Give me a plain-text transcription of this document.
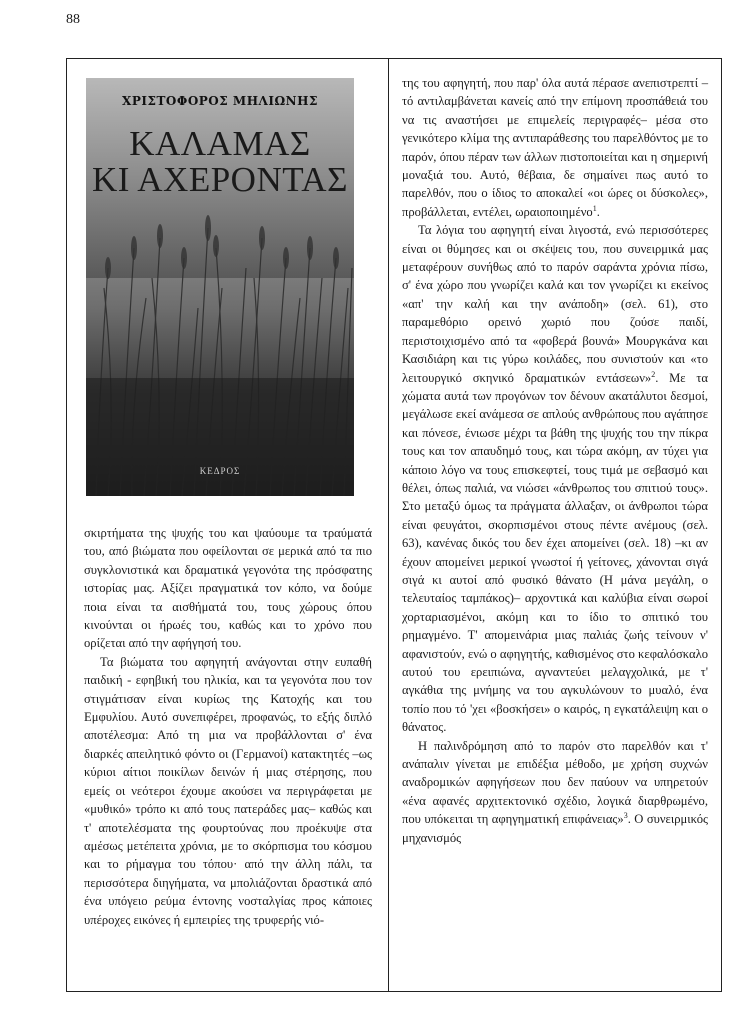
88
ΧΡΙΣΤΟΦΟΡΟΣ ΜΗΛΙΩΝΗΣ
ΚΑΛΑΜΑΣ
ΚΙ ΑΧΕΡΟΝΤΑΣ
ΚΕΔΡΟΣ

σκιρτήματα της ψυχής του και ψαύουμε τα τραύματά του, από βιώματα που οφείλονται σε μερικά από τα πιο συγκλονιστικά και δραματικά γεγονότα της πρόσφατης ιστορίας μας. Αξίζει πραγματικά τον κόπο, να δούμε ποια είναι τα αισθήματά του, τους χώρους όπου κινούνται οι ήρωές του, καθώς και το χρόνο που ορίζεται από την αφήγησή του.

Τα βιώματα του αφηγητή ανάγονται στην ευπαθή παιδική - εφηβική του ηλικία, και τα γεγονότα που τον στιγμάτισαν είναι κυρίως της Κατοχής και του Εμφυλίου. Αυτό συνεπιφέρει, προφανώς, το εξής διπλό αποτέλεσμα: Από τη μια να προβάλλονται σ' ένα διαρκές απειλητικό φόντο οι (Γερμανοί) κατακτητές –ως κύριοι αίτιοι ποικίλων δεινών ή μιας στέρησης, που εμείς οι νεότεροι έχουμε ακούσει να περιγράφεται με «μυθικό» τρόπο κι από τους πατεράδες μας– καθώς και τ' αποτελέσματα της φουρτούνας που προέκυψε στα αμέσως μετέπειτα χρόνια, με το σκόρπισμα του κόσμου και το ρήμαγμα του τόπου· από την άλλη πάλι, τα περισσότερα διηγήματα, να μπολιάζονται δραστικά από ένα υπόγειο ρεύμα έντονης νοσταλγίας προς κάποιες υπέροχες εικόνες ή εμπειρίες της τρυφερής νιό-

της του αφηγητή, που παρ' όλα αυτά πέρασε ανεπιστρεπτί –τό αντιλαμβάνεται κανείς από την επίμονη προσπάθειά του να τις αναστήσει με επιμελείς περιγραφές– μέσα στο γενικότερο κλίμα της αντιπαράθεσης του παρελθόντος με το παρόν, όπου πέραν των άλλων πιστοποιείται και η σημερινή μοναξιά του. Αυτό, θέβαια, δε σημαίνει πως αυτό το παρελθόν, που ο ίδιος το αποκαλεί «οι ώρες οι δύσκολες», προβάλλεται, εντέλει, ωραιοποιημένο$^1$.

Τα λόγια του αφηγητή είναι λιγοστά, ενώ περισσότερες είναι οι θύμησες και οι σκέψεις του, που συνειρμικά μας μεταφέρουν συνήθως από το παρόν σαράντα χρόνια πίσω, σ' ένα χώρο που γνωρίζει καλά και τον γνωρίζει κι εκείνος «απ' την καλή και την ανάποδη» (σελ. 61), στο παραμεθόριο ορεινό χωριό που ζούσε παιδί, περιστοιχισμένο από τα «φοβερά βουνά» Μουργκάνα και Κασιδιάρη και τις γύρω κοιλάδες, που συνιστούν και «το λειτουργικό σκηνικό δραματικών εντάσεων»$^2$. Με τα χώματα αυτά των προγόνων τον δένουν ακατάλυτοι δεσμοί, μεγάλωσε εκεί ανάμεσα σε απλούς ανθρώπους που αγάπησε και πόνεσε, ένιωσε μέχρι τα βάθη της ψυχής του την πίκρα τους και τον απαυδημό τους, και τώρα ακόμη, αν τύχει για κάποιο λόγο να τους επισκεφτεί, τους τιμά με σεβασμό και θέλει, όπως παλιά, να νιώσει «άνθρωπος του σπιτιού τους». Στο μεταξύ όμως τα πράγματα άλλαξαν, οι άνθρωποι τώρα είναι φευγάτοι, σκορπισμένοι στους πέντε ανέμους (σελ. 63), κανένας δικός του δεν έχει απομείνει (σελ. 18) –κι αν έχουν απομείνει μερικοί γνωστοί ή γείτονες, χάνονται σιγά σιγά κι αυτοί από φυσικό θάνατο (Η μάνα μεγάλη, ο τελευταίος ταμπάκος)– αρχοντικά και καλύβια είναι σωροί χορταριασμένοι, ακόμη και το ίδιο το σπιτικό του ρημαγμένο. Τ' απομεινάρια μιας παλιάς ζωής τείνουν ν' αφανιστούν, ενώ ο αφηγητής, καθισμένος στο κεφαλόσκαλο αυτού του ερειπιώνα, αγναντεύει μελαγχολικά, με τ' αγκάθια της μνήμης να του αγκυλώνουν το μυαλό, ένα τοπίο που τό 'χει «βοσκήσει» ο καιρός, η εγκατάλειψη και ο θάνατος.

Η παλινδρόμηση από το παρόν στο παρελθόν και τ' ανάπαλιν γίνεται με επιδέξια μέθοδο, με χρήση συχνών αναδρομικών αφηγήσεων που δεν παύουν να υπηρετούν «ένα αφανές αρχιτεκτονικό σχέδιο, λογικά διαρθρωμένο, που υπόκειται τη αφηγηματική επιφάνειας»$^3$. Ο συνειρμικός μηχανισμός
